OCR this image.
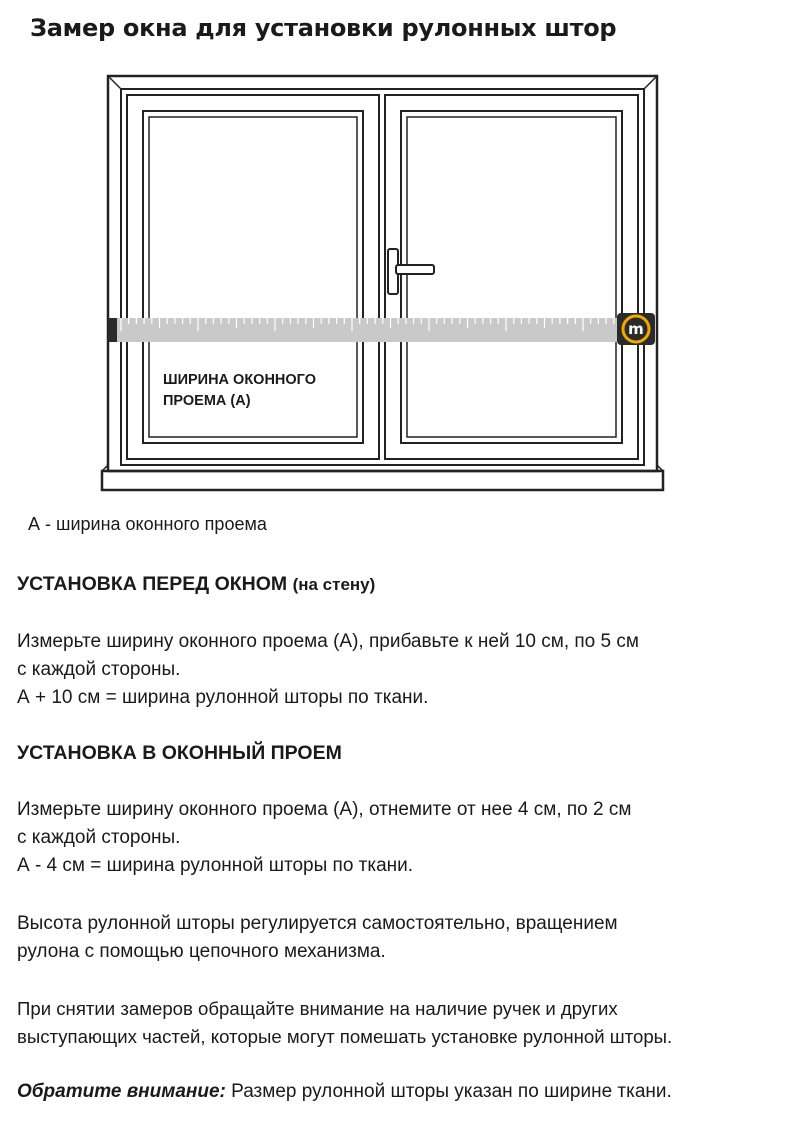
Замер окна для установки рулонных штор
m
ШИРИНА ОКОННОГО
ПРОЕМА (А)
А - ширина оконного проема
УСТАНОВКА ПЕРЕД ОКНОМ (на стену)
Измерьте ширину оконного проема (А), прибавьте к ней 10 см, по 5 см
с каждой стороны.
А + 10 см = ширина рулонной шторы по ткани.
УСТАНОВКА В ОКОННЫЙ ПРОЕМ
Измерьте ширину оконного проема (А), отнемите от нее 4 см, по 2 см
с каждой стороны.
А - 4 см = ширина рулонной шторы по ткани.
Высота рулонной шторы регулируется самостоятельно, вращением
рулона с помощью цепочного механизма.
При снятии замеров обращайте внимание на наличие ручек и других
выступающих частей, которые могут помешать установке рулонной шторы.
Обратите внимание: Размер рулонной шторы указан по ширине ткани.
